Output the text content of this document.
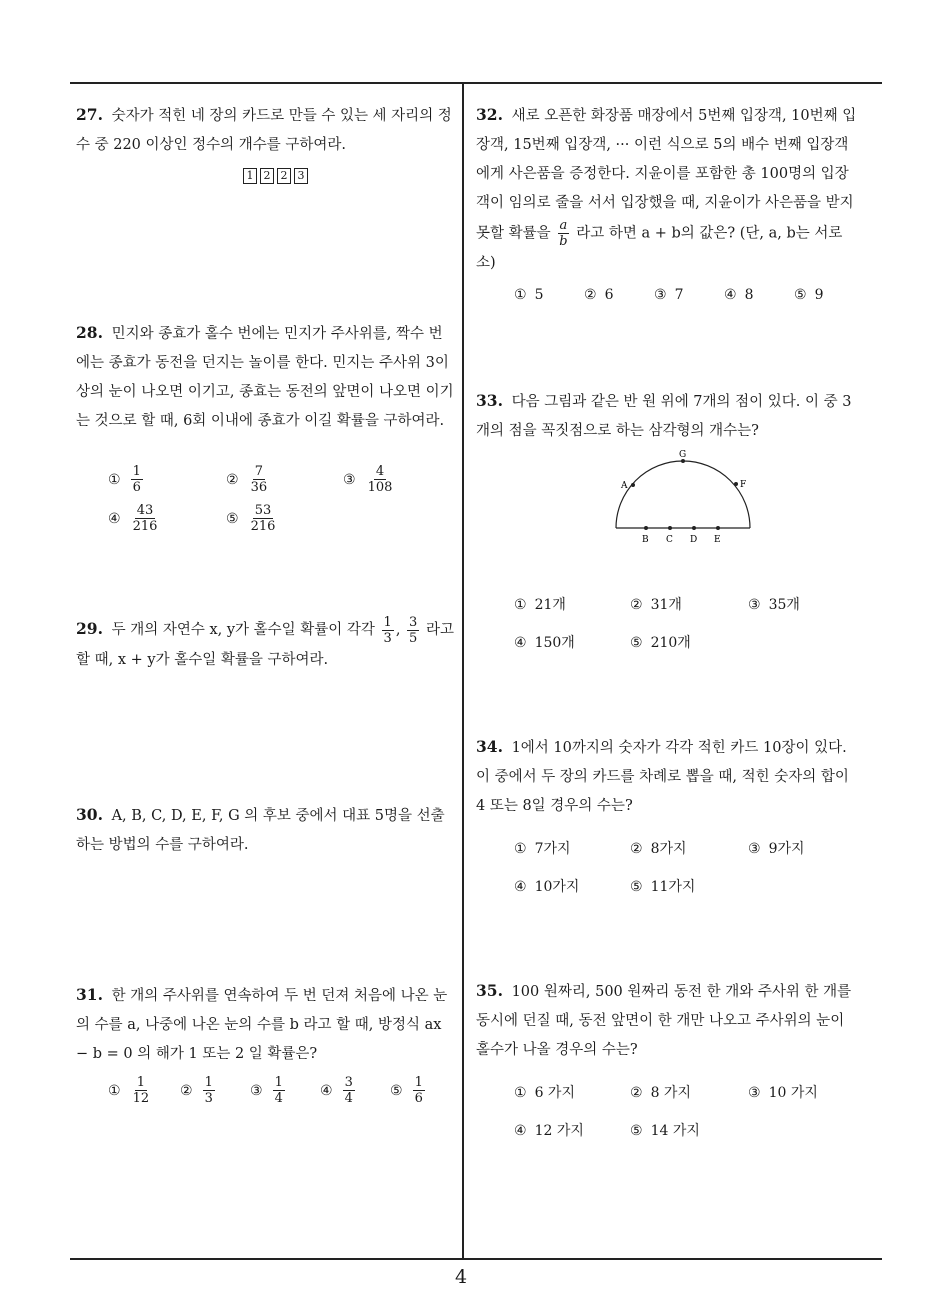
27. 숫자가 적힌 네 장의 카드로 만들 수 있는 세 자리의 정수 중 220 이상인 정수의 개수를 구하여라.
1 2 2 3
28. 민지와 종효가 홀수 번에는 민지가 주사위를, 짝수 번에는 종효가 동전을 던지는 놀이를 한다. 민지는 주사위 3이상의 눈이 나오면 이기고, 종효는 동전의 앞면이 나오면 이기는 것으로 할 때, 6회 이내에 종효가 이길 확률을 구하여라.
① $\frac{1}{6}$	② $\frac{7}{36}$	③ $\frac{4}{108}$
④ $\frac{43}{216}$	⑤ $\frac{53}{216}$
29. 두 개의 자연수 x, y가 홀수일 확률이 각각 $\frac{1}{3}$ , $\frac{3}{5}$ 라고 할 때, x + y가 홀수일 확률을 구하여라.
30. A, B, C, D, E, F, G 의 후보 중에서 대표 5명을 선출하는 방법의 수를 구하여라.
31. 한 개의 주사위를 연속하여 두 번 던져 처음에 나온 눈의 수를 a, 나중에 나온 눈의 수를 b 라고 할 때, 방정식 ax − b = 0 의 해가 1 또는 2 일 확률은?
① $\frac{1}{12}$ ② $\frac{1}{3}$	③ $\frac{1}{4}$	④ $\frac{3}{4}$	⑤ $\frac{1}{6}$
32. 새로 오픈한 화장품 매장에서 5번째 입장객, 10번째 입장객, 15번째 입장객, ··· 이런 식으로 5의 배수 번째 입장객에게 사은품을 증정한다. 지윤이를 포함한 총 100명의 입장객이 임의로 줄을 서서 입장했을 때, 지윤이가 사은품을 받지 못할 확률을 $\frac{a}{b}$ 라고 하면 a + b의 값은? (단, a, b는 서로소)
① 5	② 6	③ 7	④ 8	⑤ 9
33. 다음 그림과 같은 반 원 위에 7개의 점이 있다. 이 중 3개의 점을 꼭짓점으로 하는 삼각형의 개수는?
A
G
F
B C D E
① 21개	② 31개	③ 35개
④ 150개	⑤ 210개
34. 1에서 10까지의 숫자가 각각 적힌 카드 10장이 있다. 이 중에서 두 장의 카드를 차례로 뽑을 때, 적힌 숫자의 합이 4 또는 8일 경우의 수는?
① 7가지	② 8가지	③ 9가지
④ 10가지	⑤ 11가지
35. 100 원짜리, 500 원짜리 동전 한 개와 주사위 한 개를 동시에 던질 때, 동전 앞면이 한 개만 나오고 주사위의 눈이 홀수가 나올 경우의 수는?
① 6 가지	② 8 가지	③ 10 가지
④ 12 가지	⑤ 14 가지
4
